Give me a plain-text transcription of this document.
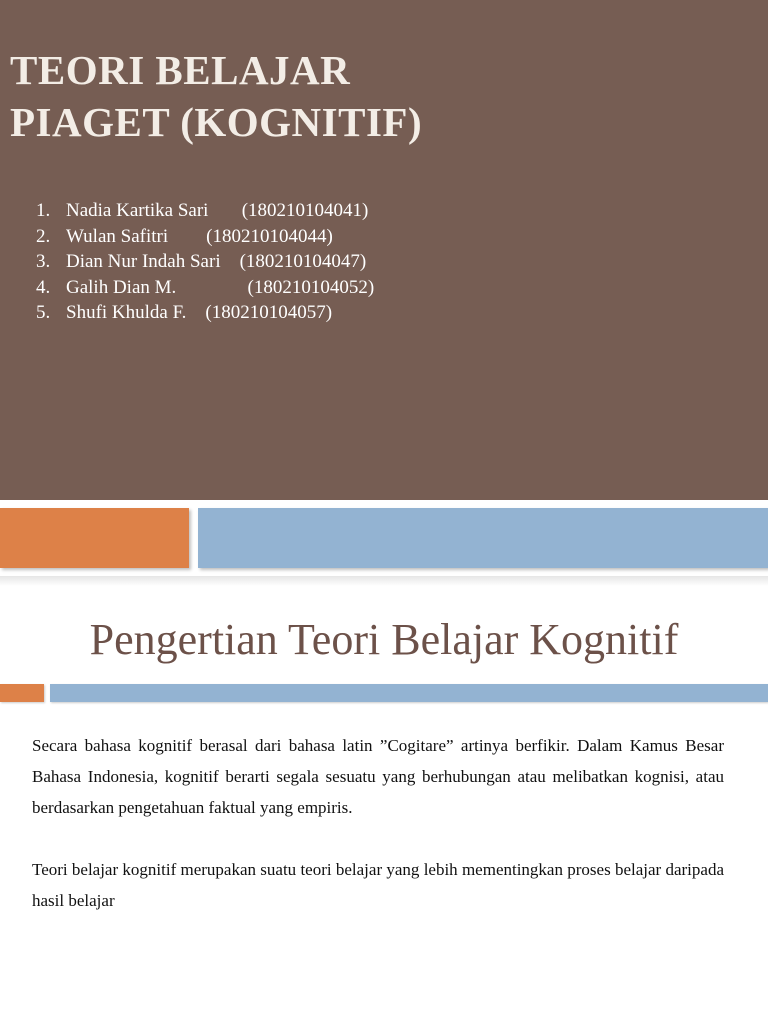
TEORI BELAJAR
PIAGET (KOGNITIF)
1. Nadia Kartika Sari (180210104041)
2. Wulan Safitri (180210104044)
3. Dian Nur Indah Sari (180210104047)
4. Galih Dian M. (180210104052)
5. Shufi Khulda F. (180210104057)
Pengertian Teori Belajar Kognitif

Secara bahasa kognitif berasal dari bahasa latin ”Cogitare” artinya berfikir. Dalam Kamus Besar Bahasa Indonesia, kognitif berarti segala sesuatu yang berhubungan atau melibatkan kognisi, atau berdasarkan pengetahuan faktual yang empiris.

Teori belajar kognitif merupakan suatu teori belajar yang lebih mementingkan proses belajar daripada hasil belajar
